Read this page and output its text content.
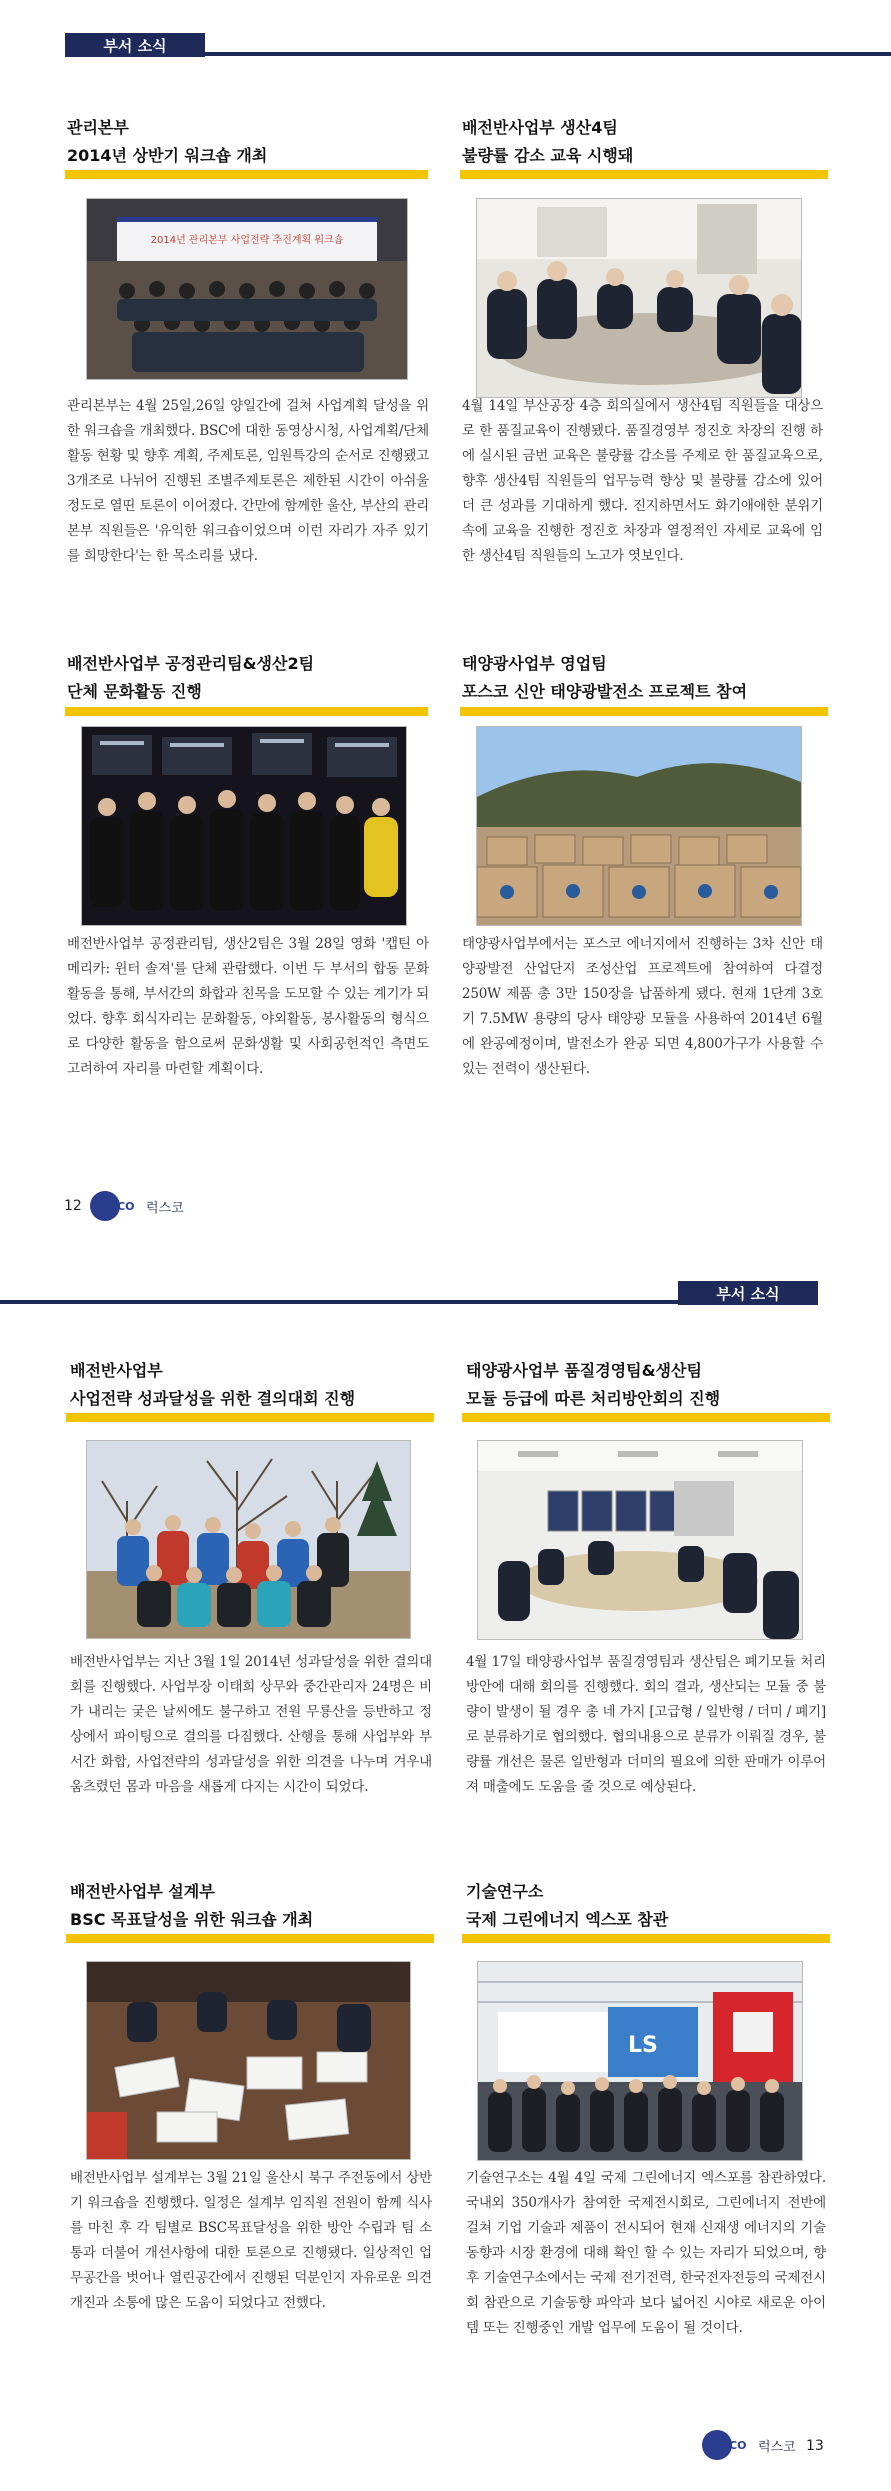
부서 소식
관리본부
2014년 상반기 워크숍 개최
2014년 관리본부 사업전략 추진계획 워크숍
관리본부는 4월 25일,26일 양일간에 걸쳐 사업계획 달성을 위한 워크숍을 개최했다. BSC에 대한 동영상시청, 사업계획/단체활동 현황 및 향후 계획, 주제토론, 임원특강의 순서로 진행됐고 3개조로 나뉘어 진행된 조별주제토론은 제한된 시간이 아쉬울 정도로 열띤 토론이 이어졌다. 간만에 함께한 울산, 부산의 관리본부 직원들은 '유익한 워크숍이었으며 이런 자리가 자주 있기를 희망한다'는 한 목소리를 냈다.
배전반사업부 생산4팀
불량률 감소 교육 시행돼
4월 14일 부산공장 4층 회의실에서 생산4팀 직원들을 대상으로 한 품질교육이 진행됐다. 품질경영부 정진호 차장의 진행 하에 실시된 금번 교육은 불량률 감소를 주제로 한 품질교육으로, 향후 생산4팀 직원들의 업무능력 향상 및 불량률 감소에 있어 더 큰 성과를 기대하게 했다. 진지하면서도 화기애애한 분위기 속에 교육을 진행한 정진호 차장과 열정적인 자세로 교육에 임한 생산4팀 직원들의 노고가 엿보인다.
배전반사업부 공정관리팀&생산2팀
단체 문화활동 진행
배전반사업부 공정관리팀, 생산2팀은 3월 28일 영화 '캡틴 아메리카: 윈터 솔져'를 단체 관람했다. 이번 두 부서의 합동 문화활동을 통해, 부서간의 화합과 친목을 도모할 수 있는 계기가 되었다. 향후 회식자리는 문화활동, 야외활동, 봉사활동의 형식으로 다양한 활동을 함으로써 문화생활 및 사회공헌적인 측면도 고려하여 자리를 마련할 계획이다.
태양광사업부 영업팀
포스코 신안 태양광발전소 프로젝트 참여
태양광사업부에서는 포스코 에너지에서 진행하는 3차 신안 태양광발전 산업단지 조성산업 프로젝트에 참여하여 다결정 250W 제품 총 3만 150장을 납품하게 됐다. 현재 1단계 3호기 7.5MW 용량의 당사 태양광 모듈을 사용하여 2014년 6월에 완공예정이며, 발전소가 완공 되면 4,800가구가 사용할 수 있는 전력이 생산된다.
12 LUXCO 럭스코
부서 소식
배전반사업부
사업전략 성과달성을 위한 결의대회 진행
배전반사업부는 지난 3월 1일 2014년 성과달성을 위한 결의대회를 진행했다. 사업부장 이태희 상무와 중간관리자 24명은 비가 내리는 궂은 날씨에도 불구하고 전원 무룡산을 등반하고 정상에서 파이팅으로 결의를 다짐했다. 산행을 통해 사업부와 부서간 화합, 사업전략의 성과달성을 위한 의견을 나누며 겨우내 움츠렸던 몸과 마음을 새롭게 다지는 시간이 되었다.
태양광사업부 품질경영팀&생산팀
모듈 등급에 따른 처리방안회의 진행
4월 17일 태양광사업부 품질경영팀과 생산팀은 폐기모듈 처리 방안에 대해 회의를 진행했다. 회의 결과, 생산되는 모듈 중 불량이 발생이 될 경우 총 네 가지 [고급형 / 일반형 / 더미 / 폐기]로 분류하기로 협의했다. 협의내용으로 분류가 이뤄질 경우, 불량률 개선은 물론 일반형과 더미의 필요에 의한 판매가 이루어져 매출에도 도움을 줄 것으로 예상된다.
배전반사업부 설계부
BSC 목표달성을 위한 워크숍 개최
배전반사업부 설계부는 3월 21일 울산시 북구 주전동에서 상반기 워크숍을 진행했다. 일정은 설계부 임직원 전원이 함께 식사를 마친 후 각 팀별로 BSC목표달성을 위한 방안 수립과 팀 소통과 더불어 개선사항에 대한 토론으로 진행됐다. 일상적인 업무공간을 벗어나 열린공간에서 진행된 덕분인지 자유로운 의견개진과 소통에 많은 도움이 되었다고 전했다.
기술연구소
국제 그린에너지 엑스포 참관
LS
기술연구소는 4월 4일 국제 그린에너지 엑스포를 참관하였다. 국내외 350개사가 참여한 국제전시회로, 그린에너지 전반에 걸쳐 기업 기술과 제품이 전시되어 현재 신재생 에너지의 기술 동향과 시장 환경에 대해 확인 할 수 있는 자리가 되었으며, 향후 기술연구소에서는 국제 전기전력, 한국전자전등의 국제전시회 참관으로 기술동향 파악과 보다 넓어진 시야로 새로운 아이템 또는 진행중인 개발 업무에 도움이 될 것이다.
LUXCO 럭스코 13
